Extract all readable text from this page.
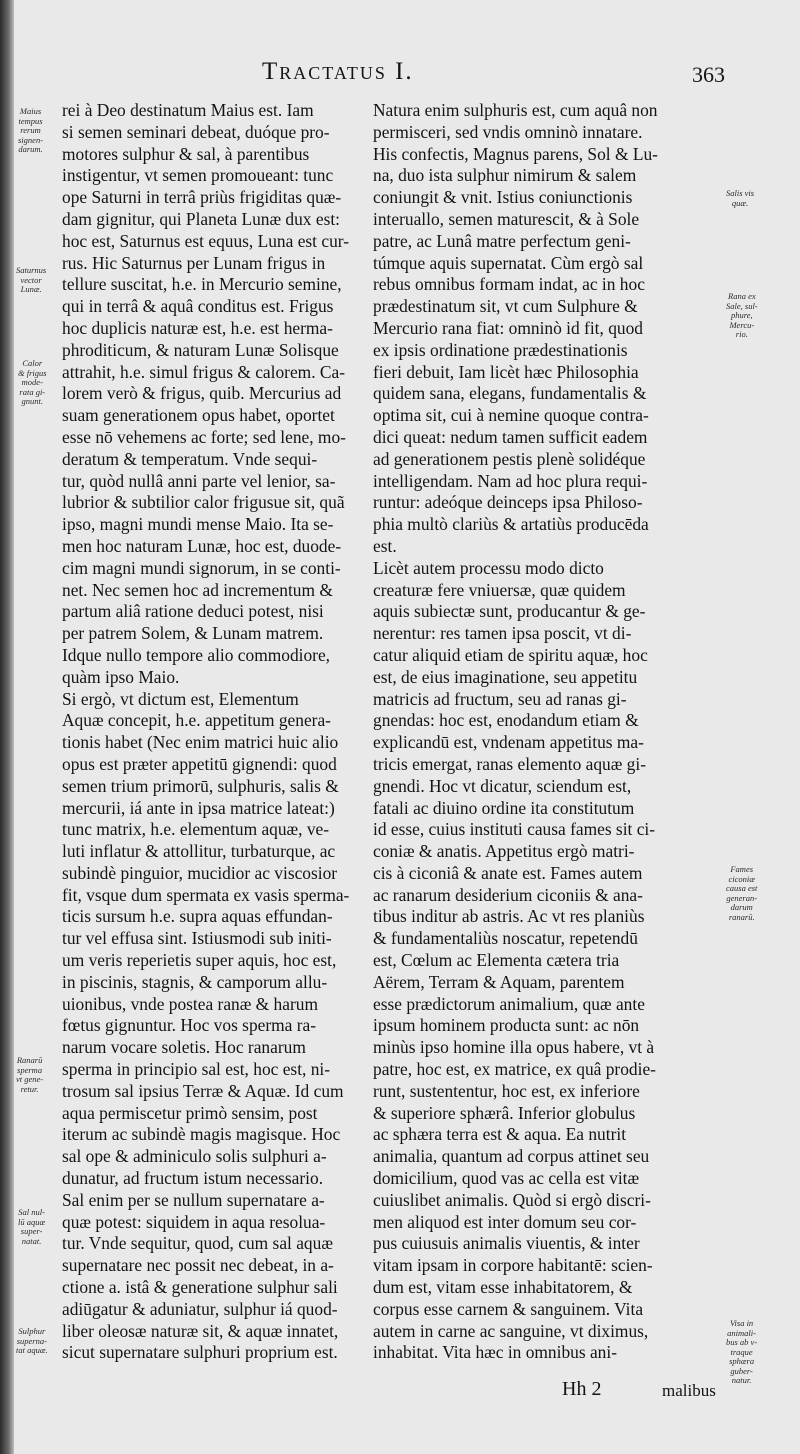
Tractatus I.	363
rei à Deo destinatum Maius est. Iam
si semen seminari debeat, duóque pro-
motores sulphur & sal, à parentibus
instigentur, vt semen promoueant: tunc
ope Saturni in terrâ priùs frigiditas quæ-
dam gignitur, qui Planeta Lunæ dux est:
hoc est, Saturnus est equus, Luna est cur-
rus. Hic Saturnus per Lunam frigus in
tellure suscitat, h.e. in Mercurio semine,
qui in terrâ & aquâ conditus est. Frigus
hoc duplicis naturæ est, h.e. est herma-
phroditicum, & naturam Lunæ Solisque
attrahit, h.e. simul frigus & calorem. Ca-
lorem verò & frigus, quib. Mercurius ad
suam generationem opus habet, oportet
esse nō vehemens ac forte; sed lene, mo-
deratum & temperatum. Vnde sequi-
tur, quòd nullâ anni parte vel lenior, sa-
lubrior & subtilior calor frigusue sit, quã
ipso, magni mundi mense Maio. Ita se-
men hoc naturam Lunæ, hoc est, duode-
cim magni mundi signorum, in se conti-
net. Nec semen hoc ad incrementum &
partum aliâ ratione deduci potest, nisi
per patrem Solem, & Lunam matrem.
Idque nullo tempore alio commodiore,
quàm ipso Maio.
Si ergò, vt dictum est, Elementum
Aquæ concepit, h.e. appetitum genera-
tionis habet (Nec enim matrici huic alio
opus est præter appetitū gignendi: quod
semen trium primorū, sulphuris, salis &
mercurii, iá ante in ipsa matrice lateat:)
tunc matrix, h.e. elementum aquæ, ve-
luti inflatur & attollitur, turbaturque, ac
subindè pinguior, mucidior ac viscosior
fit, vsque dum spermata ex vasis sperma-
ticis sursum h.e. supra aquas effundan-
tur vel effusa sint. Istiusmodi sub initi-
um veris reperietis super aquis, hoc est,
in piscinis, stagnis, & camporum allu-
uionibus, vnde postea ranæ & harum
fœtus gignuntur. Hoc vos sperma ra-
narum vocare soletis. Hoc ranarum
sperma in principio sal est, hoc est, ni-
trosum sal ipsius Terræ & Aquæ. Id cum
aqua permiscetur primò sensim, post
iterum ac subindè magis magisque. Hoc
sal ope & adminiculo solis sulphuri a-
dunatur, ad fructum istum necessario.
Sal enim per se nullum supernatare a-
quæ potest: siquidem in aqua resolua-
tur. Vnde sequitur, quod, cum sal aquæ
supernatare nec possit nec debeat, in a-
ctione a. istâ & generatione sulphur sali
adiūgatur & aduniatur, sulphur iá quod-
liber oleosæ naturæ sit, & aquæ innatet,
sicut supernatare sulphuri proprium est.
Natura enim sulphuris est, cum aquâ non
permisceri, sed vndis omninò innatare.
His confectis, Magnus parens, Sol & Lu-
na, duo ista sulphur nimirum & salem
coniungit & vnit. Istius coniunctionis
interuallo, semen maturescit, & à Sole
patre, ac Lunâ matre perfectum geni-
túmque aquis supernatat. Cùm ergò sal
rebus omnibus formam indat, ac in hoc
prædestinatum sit, vt cum Sulphure &
Mercurio rana fiat: omninò id fit, quod
ex ipsis ordinatione prædestinationis
fieri debuit, Iam licèt hæc Philosophia
quidem sana, elegans, fundamentalis &
optima sit, cui à nemine quoque contra-
dici queat: nedum tamen sufficit eadem
ad generationem pestis plenè solidéque
intelligendam. Nam ad hoc plura requi-
runtur: adeóque deinceps ipsa Philoso-
phia multò clariùs & artatiùs producēda
est.
Licèt autem processu modo dicto
creaturæ fere vniuersæ, quæ quidem
aquis subiectæ sunt, producantur & ge-
nerentur: res tamen ipsa poscit, vt di-
catur aliquid etiam de spiritu aquæ, hoc
est, de eius imaginatione, seu appetitu
matricis ad fructum, seu ad ranas gi-
gnendas: hoc est, enodandum etiam &
explicandū est, vndenam appetitus ma-
tricis emergat, ranas elemento aquæ gi-
gnendi. Hoc vt dicatur, sciendum est,
fatali ac diuino ordine ita constitutum
id esse, cuius instituti causa fames sit ci-
coniæ & anatis. Appetitus ergò matri-
cis à ciconiâ & anate est. Fames autem
ac ranarum desiderium ciconiis & ana-
tibus inditur ab astris. Ac vt res planiùs
& fundamentaliùs noscatur, repetendū
est, Cœlum ac Elementa cætera tria
Aërem, Terram & Aquam, parentem
esse prædictorum animalium, quæ ante
ipsum hominem producta sunt: ac nōn
minùs ipso homine illa opus habere, vt à
patre, hoc est, ex matrice, ex quâ prodie-
runt, sustententur, hoc est, ex inferiore
& superiore sphærâ. Inferior globulus
ac sphæra terra est & aqua. Ea nutrit
animalia, quantum ad corpus attinet seu
domicilium, quod vas ac cella est vitæ
cuiuslibet animalis. Quòd si ergò discri-
men aliquod est inter domum seu cor-
pus cuiusuis animalis viuentis, & inter
vitam ipsam in corpore habitantē: scien-
dum est, vitam esse inhabitatorem, &
corpus esse carnem & sanguinem. Vita
autem in carne ac sanguine, vt diximus,
inhabitat. Vita hæc in omnibus ani-
Maius
tempus
rerum
signen-
darum.
Saturnus
vector
Lunæ.
Calor
& frigus
mode-
rata gi-
gnunt.
Ranarū
sperma
vt gene-
retur.
Sal nul-
lū aquæ
super-
natat.
Sulphur
superna-
tat aquæ.
Salis vis
quæ.
Rana ex
Sale, sul-
phure,
Mercu-
rio.
Fames
ciconiæ
causa est
generan-
darum
ranarū.
Visa in
animali-
bus ab v-
traque
sphæra
guber-
natur.
Hh 2	malibus
